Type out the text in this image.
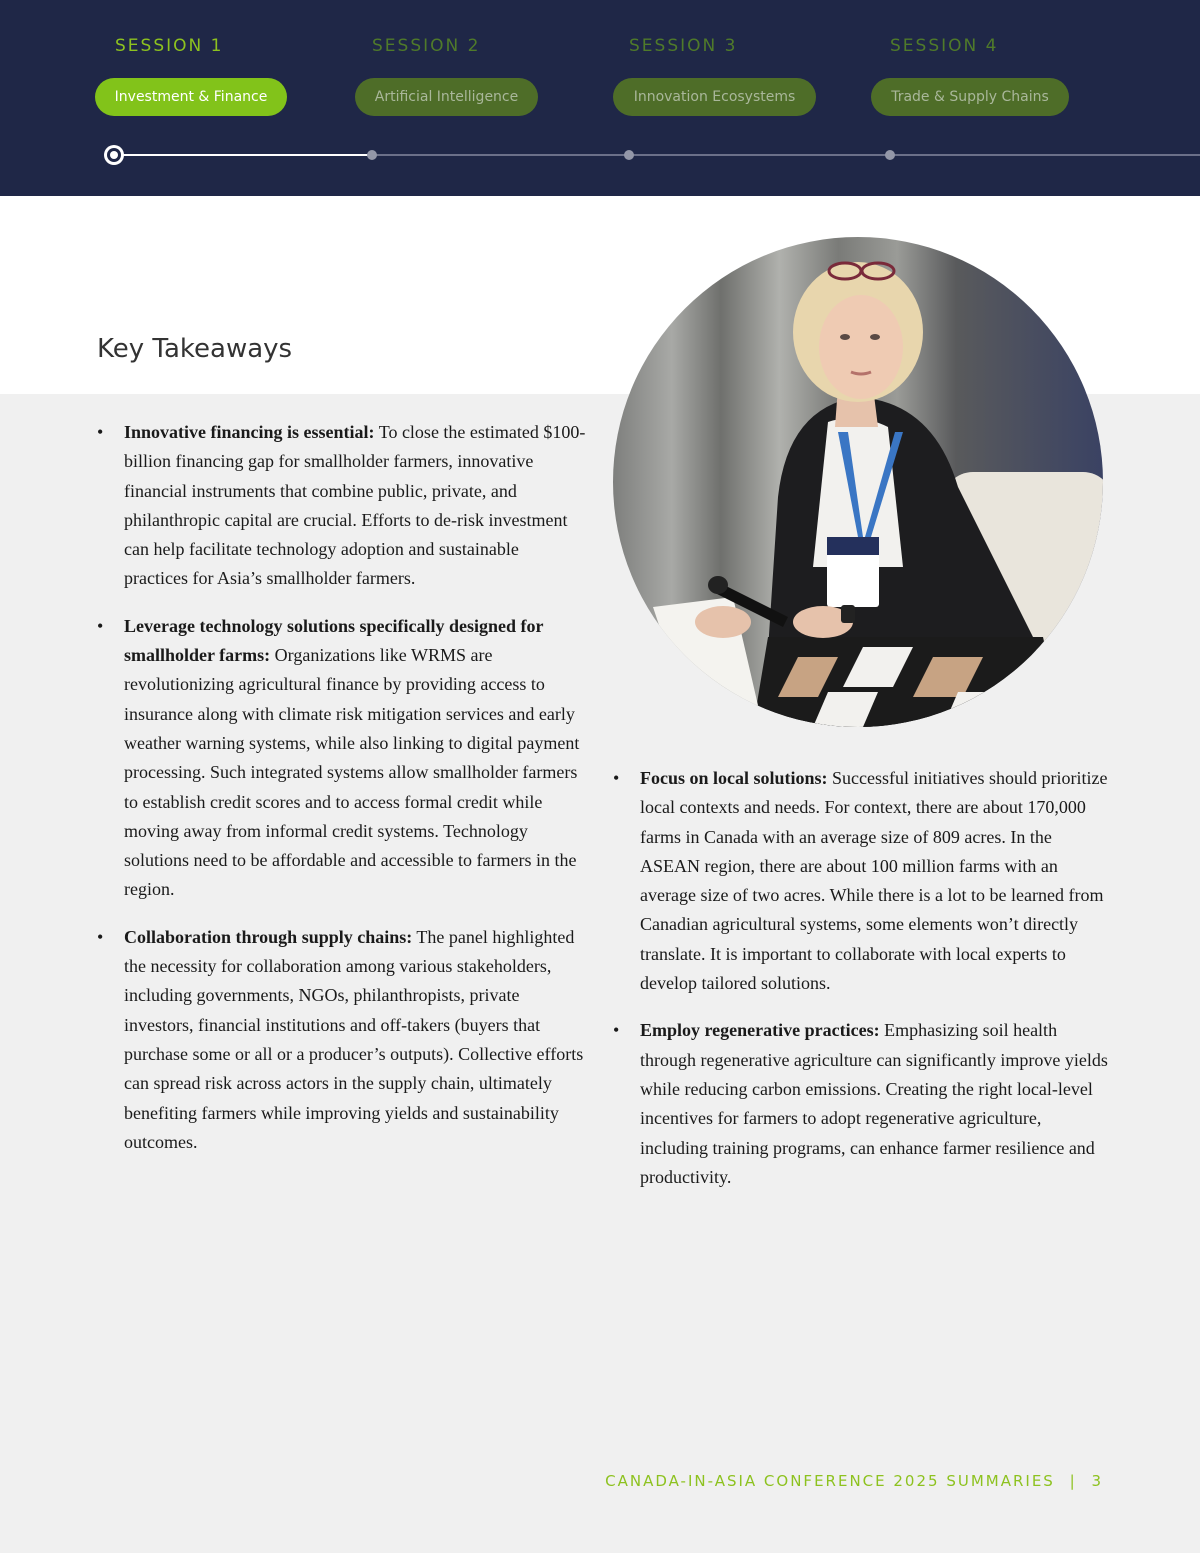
SESSION 1	SESSION 2	SESSION 3	SESSION 4
Investment & Finance	Artificial Intelligence	Innovation Ecosystems	Trade & Supply Chains
Key Takeaways
• Innovative financing is essential: To close the estimated $100-billion financing gap for smallholder farmers, innovative financial instruments that combine public, private, and philanthropic capital are crucial. Efforts to de-risk investment can help facilitate technology adoption and sustainable practices for Asia’s smallholder farmers.
• Leverage technology solutions specifically designed for smallholder farms: Organizations like WRMS are revolutionizing agricultural finance by providing access to insurance along with climate risk mitigation services and early weather warning systems, while also linking to digital payment processing. Such integrated systems allow smallholder farmers to establish credit scores and to access formal credit while moving away from informal credit systems. Technology solutions need to be affordable and accessible to farmers in the region.
• Collaboration through supply chains: The panel highlighted the necessity for collaboration among various stakeholders, including governments, NGOs, philanthropists, private investors, financial institutions and off-takers (buyers that purchase some or all or a producer’s outputs). Collective efforts can spread risk across actors in the supply chain, ultimately benefiting farmers while improving yields and sustainability outcomes.
• Focus on local solutions: Successful initiatives should prioritize local contexts and needs. For context, there are about 170,000 farms in Canada with an average size of 809 acres. In the ASEAN region, there are about 100 million farms with an average size of two acres. While there is a lot to be learned from Canadian agricultural systems, some elements won’t directly translate. It is important to collaborate with local experts to develop tailored solutions.
• Employ regenerative practices: Emphasizing soil health through regenerative agriculture can significantly improve yields while reducing carbon emissions. Creating the right local-level incentives for farmers to adopt regenerative agriculture, including training programs, can enhance farmer resilience and productivity.
CANADA-IN-ASIA CONFERENCE 2025 SUMMARIES | 3
